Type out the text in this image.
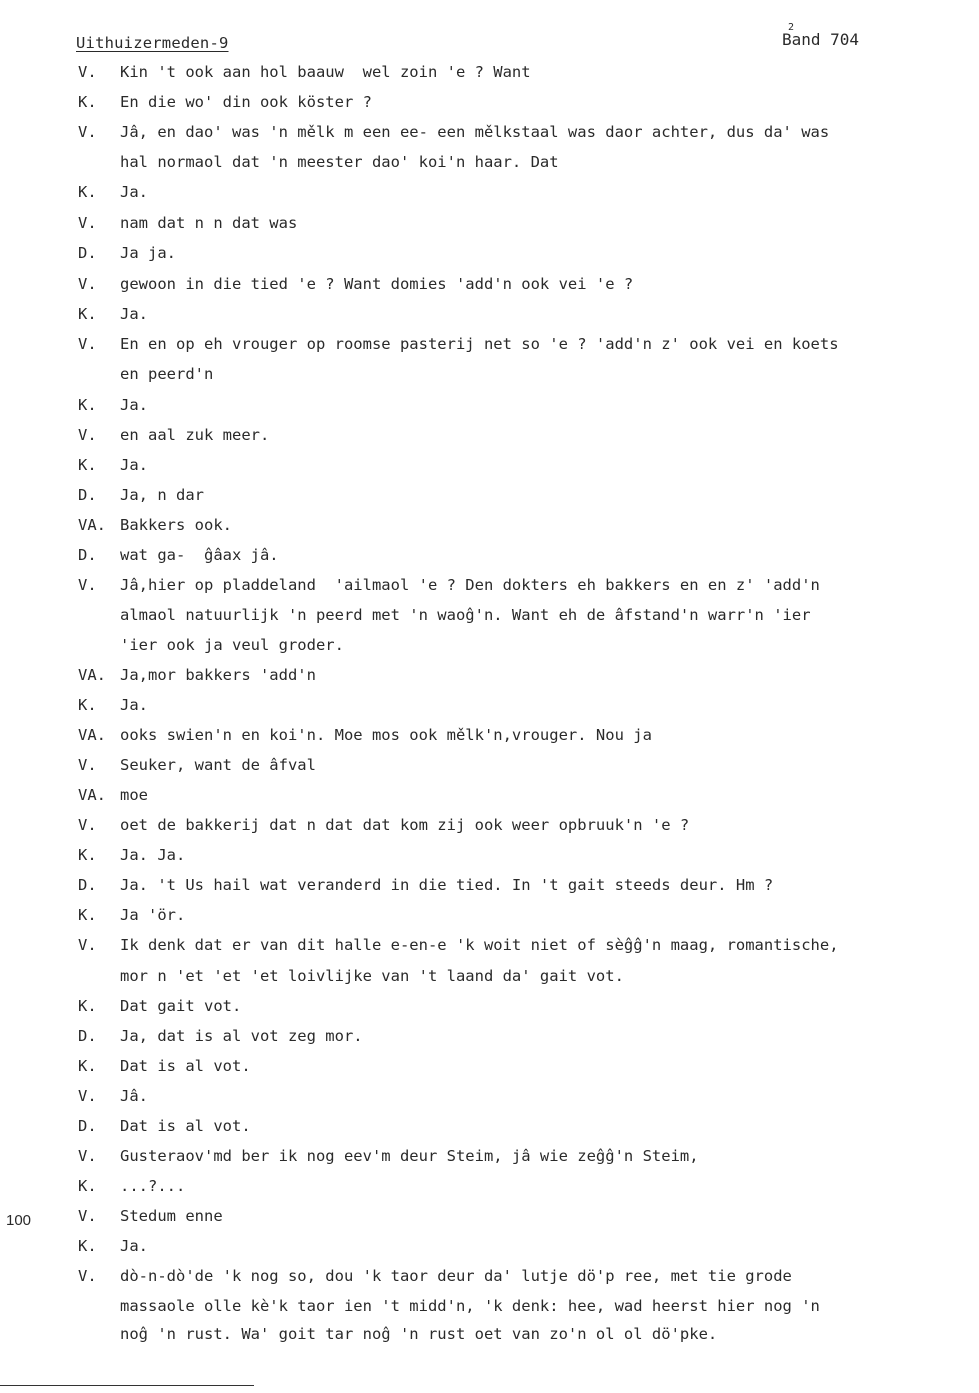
Uithuizermeden-9
2
Band 704
100
V. Kin 't ook aan hol baauw  wel zoin 'e ? Want
K. En die wo' din ook köster ?
V. Jâ, en dao' was 'n mělk m een ee- een mělkstaal was daor achter, dus da' was
hal normaol dat 'n meester dao' koi'n haar. Dat
K. Ja.
V. nam dat n n dat was
D. Ja ja.
V. gewoon in die tied 'e ? Want domies 'add'n ook vei 'e ?
K. Ja.
V. En en op eh vrouger op roomse pasterij net so 'e ? 'add'n z' ook vei en koets
en peerd'n
K. Ja.
V. en aal zuk meer.
K. Ja.
D. Ja, n dar
VA. Bakkers ook.
D. wat ga-  ĝâax jâ.
V. Jâ,hier op pladdeland  'ailmaol 'e ? Den dokters eh bakkers en en z' 'add'n
almaol natuurlijk 'n peerd met 'n waoĝ'n. Want eh de âfstand'n warr'n 'ier
'ier ook ja veul groder.
VA. Ja,mor bakkers 'add'n
K. Ja.
VA. ooks swien'n en koi'n. Moe mos ook mělk'n,vrouger. Nou ja
V. Seuker, want de âfval
VA. moe
V. oet de bakkerij dat n dat dat kom zij ook weer opbruuk'n 'e ?
K. Ja. Ja.
D. Ja. 't Us hail wat veranderd in die tied. In 't gait steeds deur. Hm ?
K. Ja 'ör.
V. Ik denk dat er van dit halle e-en-e 'k woit niet of sèĝĝ'n maag, romantische,
mor n 'et 'et 'et loivlijke van 't laand da' gait vot.
K. Dat gait vot.
D. Ja, dat is al vot zeg mor.
K. Dat is al vot.
V. Jâ.
D. Dat is al vot.
V. Gusteraov'md ber ik nog eev'm deur Steim, jâ wie zeĝĝ'n Steim,
K. ...?...
V. Stedum enne
K. Ja.
V. dò-n-dò'de 'k nog so, dou 'k taor deur da' lutje dö'p ree, met tie grode
massaole olle kè'k taor ien 't midd'n, 'k denk: hee, wad heerst hier nog 'n
noĝ 'n rust. Wa' goit tar noĝ 'n rust oet van zo'n ol ol dö'pke.
